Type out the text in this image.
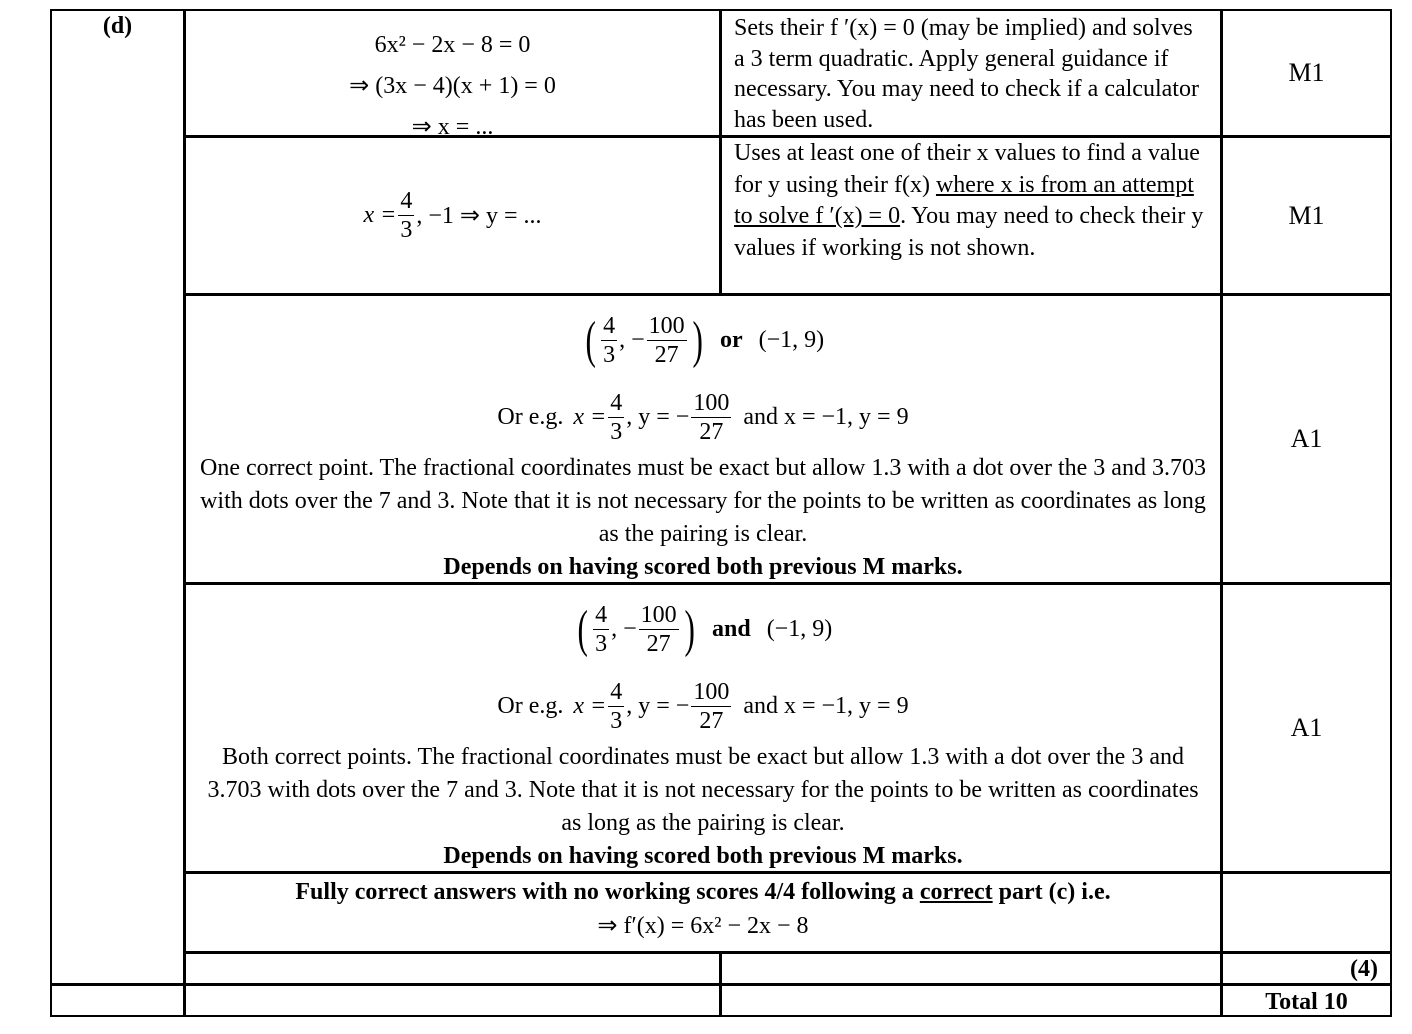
(d)
6x² − 2x − 8 = 0
⇒ (3x − 4)(x + 1) = 0
⇒ x = ...
Sets their f ′(x) = 0 (may be implied) and solves a 3 term quadratic. Apply general guidance if necessary. You may need to check if a calculator has been used.
M1
$x = \frac{4}{3}$ , −1 ⇒ y = ...
Uses at least one of their x values to find a value for y using their f(x) where x is from an attempt to solve f ′(x) = 0. You may need to check their y values if working is not shown.
M1
( $\frac{4}{3}$ , − $\frac{100}{27}$ ) or (−1, 9)
Or e.g. $x = \frac{4}{3}$ , y = − $\frac{100}{27}$ and x = −1, y = 9
One correct point. The fractional coordinates must be exact but allow 1.3 with a dot over the 3 and 3.703 with dots over the 7 and 3. Note that it is not necessary for the points to be written as coordinates as long as the pairing is clear.
Depends on having scored both previous M marks.
A1
( $\frac{4}{3}$ , − $\frac{100}{27}$ ) and (−1, 9)
Or e.g. $x = \frac{4}{3}$ , y = − $\frac{100}{27}$ and x = −1, y = 9
Both correct points. The fractional coordinates must be exact but allow 1.3 with a dot over the 3 and 3.703 with dots over the 7 and 3. Note that it is not necessary for the points to be written as coordinates as long as the pairing is clear.
Depends on having scored both previous M marks.
A1
Fully correct answers with no working scores 4/4 following a correct part (c) i.e.
⇒ f′(x) = 6x² − 2x − 8
(4)
Total 10
